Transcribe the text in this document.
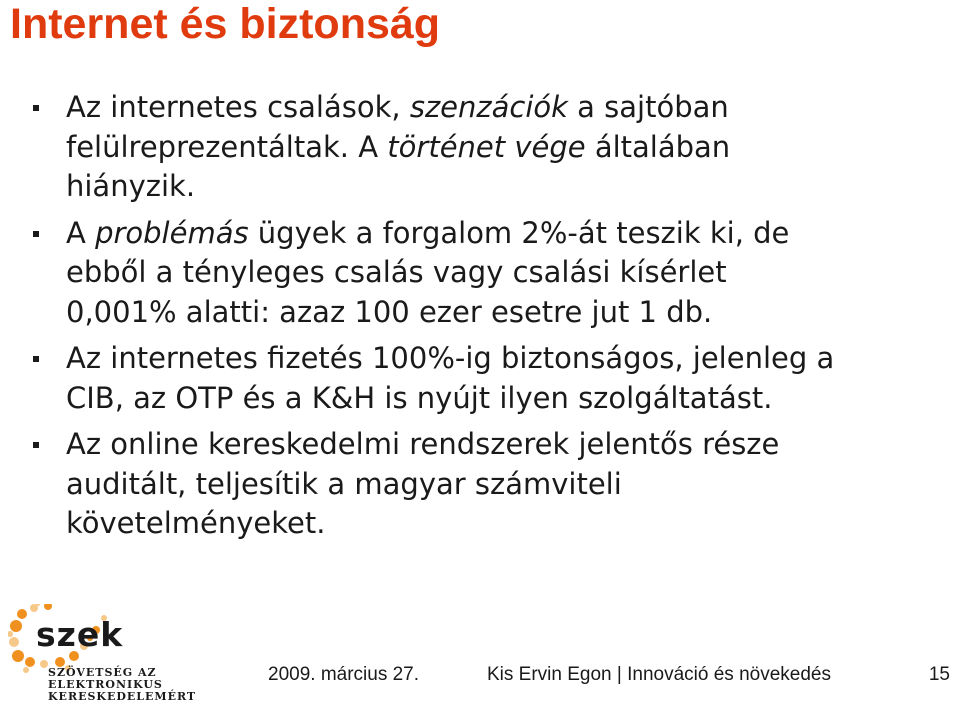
Internet és biztonság
Az internetes csalások, szenzációk a sajtóban
felülreprezentáltak. A történet vége általában
hiányzik.
A problémás ügyek a forgalom 2%-át teszik ki, de
ebből a tényleges csalás vagy csalási kísérlet
0,001% alatti: azaz 100 ezer esetre jut 1 db.
Az internetes fizetés 100%-ig biztonságos, jelenleg a
CIB, az OTP és a K&H is nyújt ilyen szolgáltatást.
Az online kereskedelmi rendszerek jelentős része
auditált, teljesítik a magyar számviteli
követelményeket.
szek
SZÖVETSÉG AZ
ELEKTRONIKUS
KERESKEDELEMÉRT
2009. március 27.	Kis Ervin Egon | Innováció és növekedés	15
